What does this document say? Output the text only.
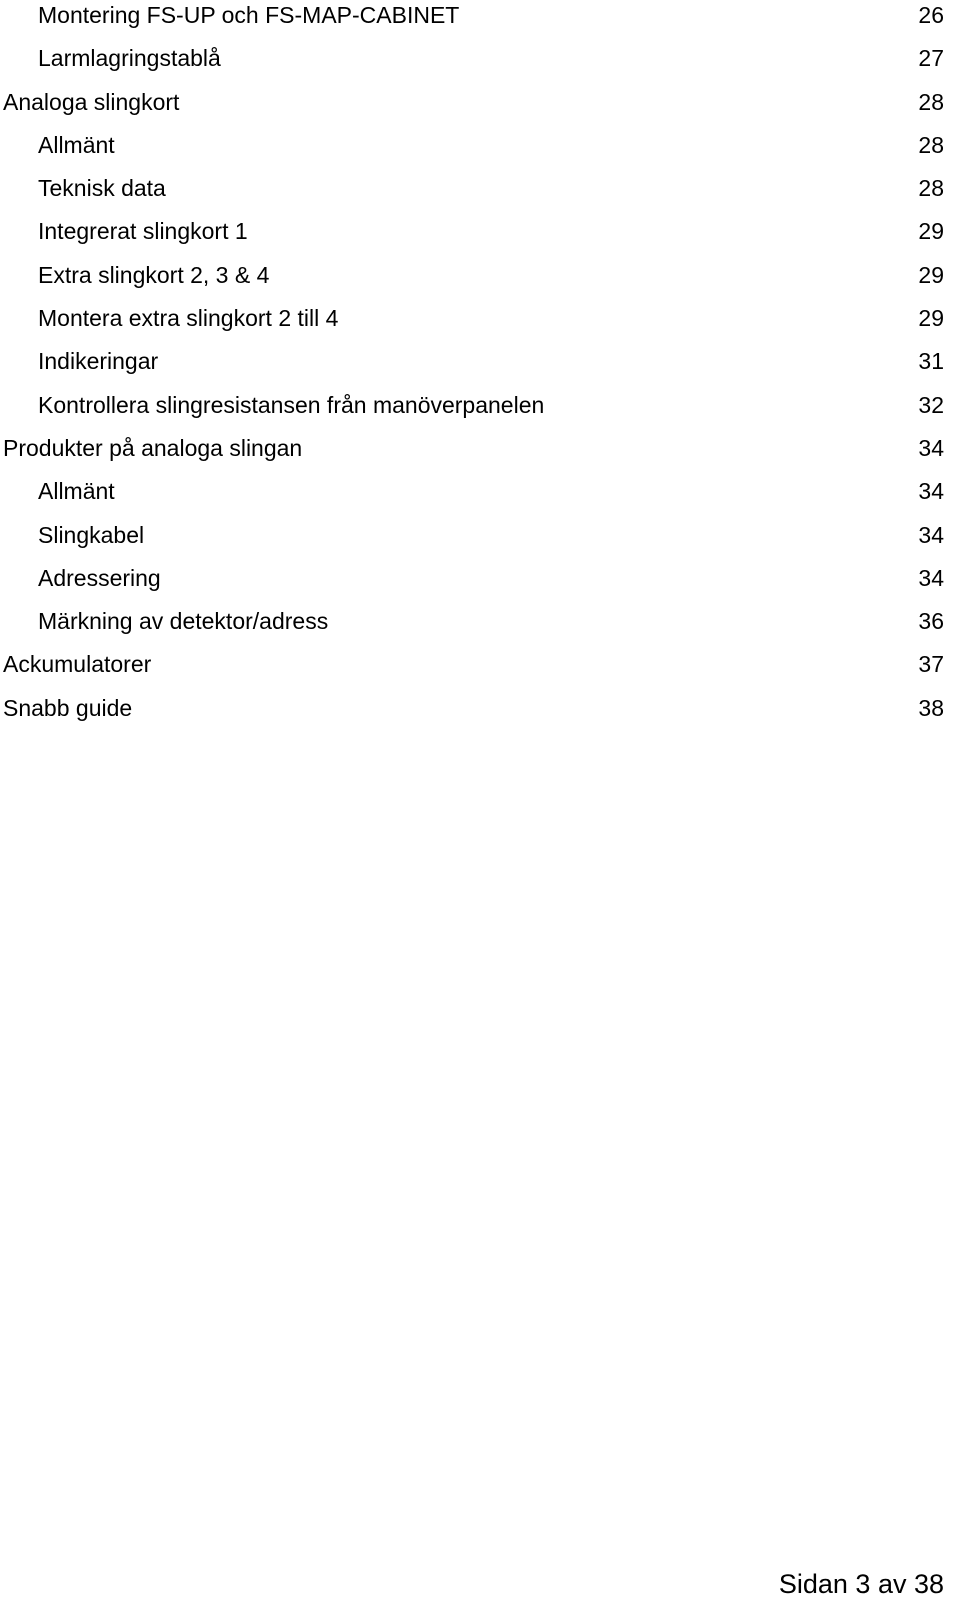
Montering FS-UP och FS-MAP-CABINET	26
Larmlagringstablå	27
Analoga slingkort	28
Allmänt	28
Teknisk data	28
Integrerat slingkort 1	29
Extra slingkort 2, 3 & 4	29
Montera extra slingkort 2 till 4	29
Indikeringar	31
Kontrollera slingresistansen från manöverpanelen	32
Produkter på analoga slingan	34
Allmänt	34
Slingkabel	34
Adressering	34
Märkning av detektor/adress	36
Ackumulatorer	37
Snabb guide	38
Sidan 3 av 38
